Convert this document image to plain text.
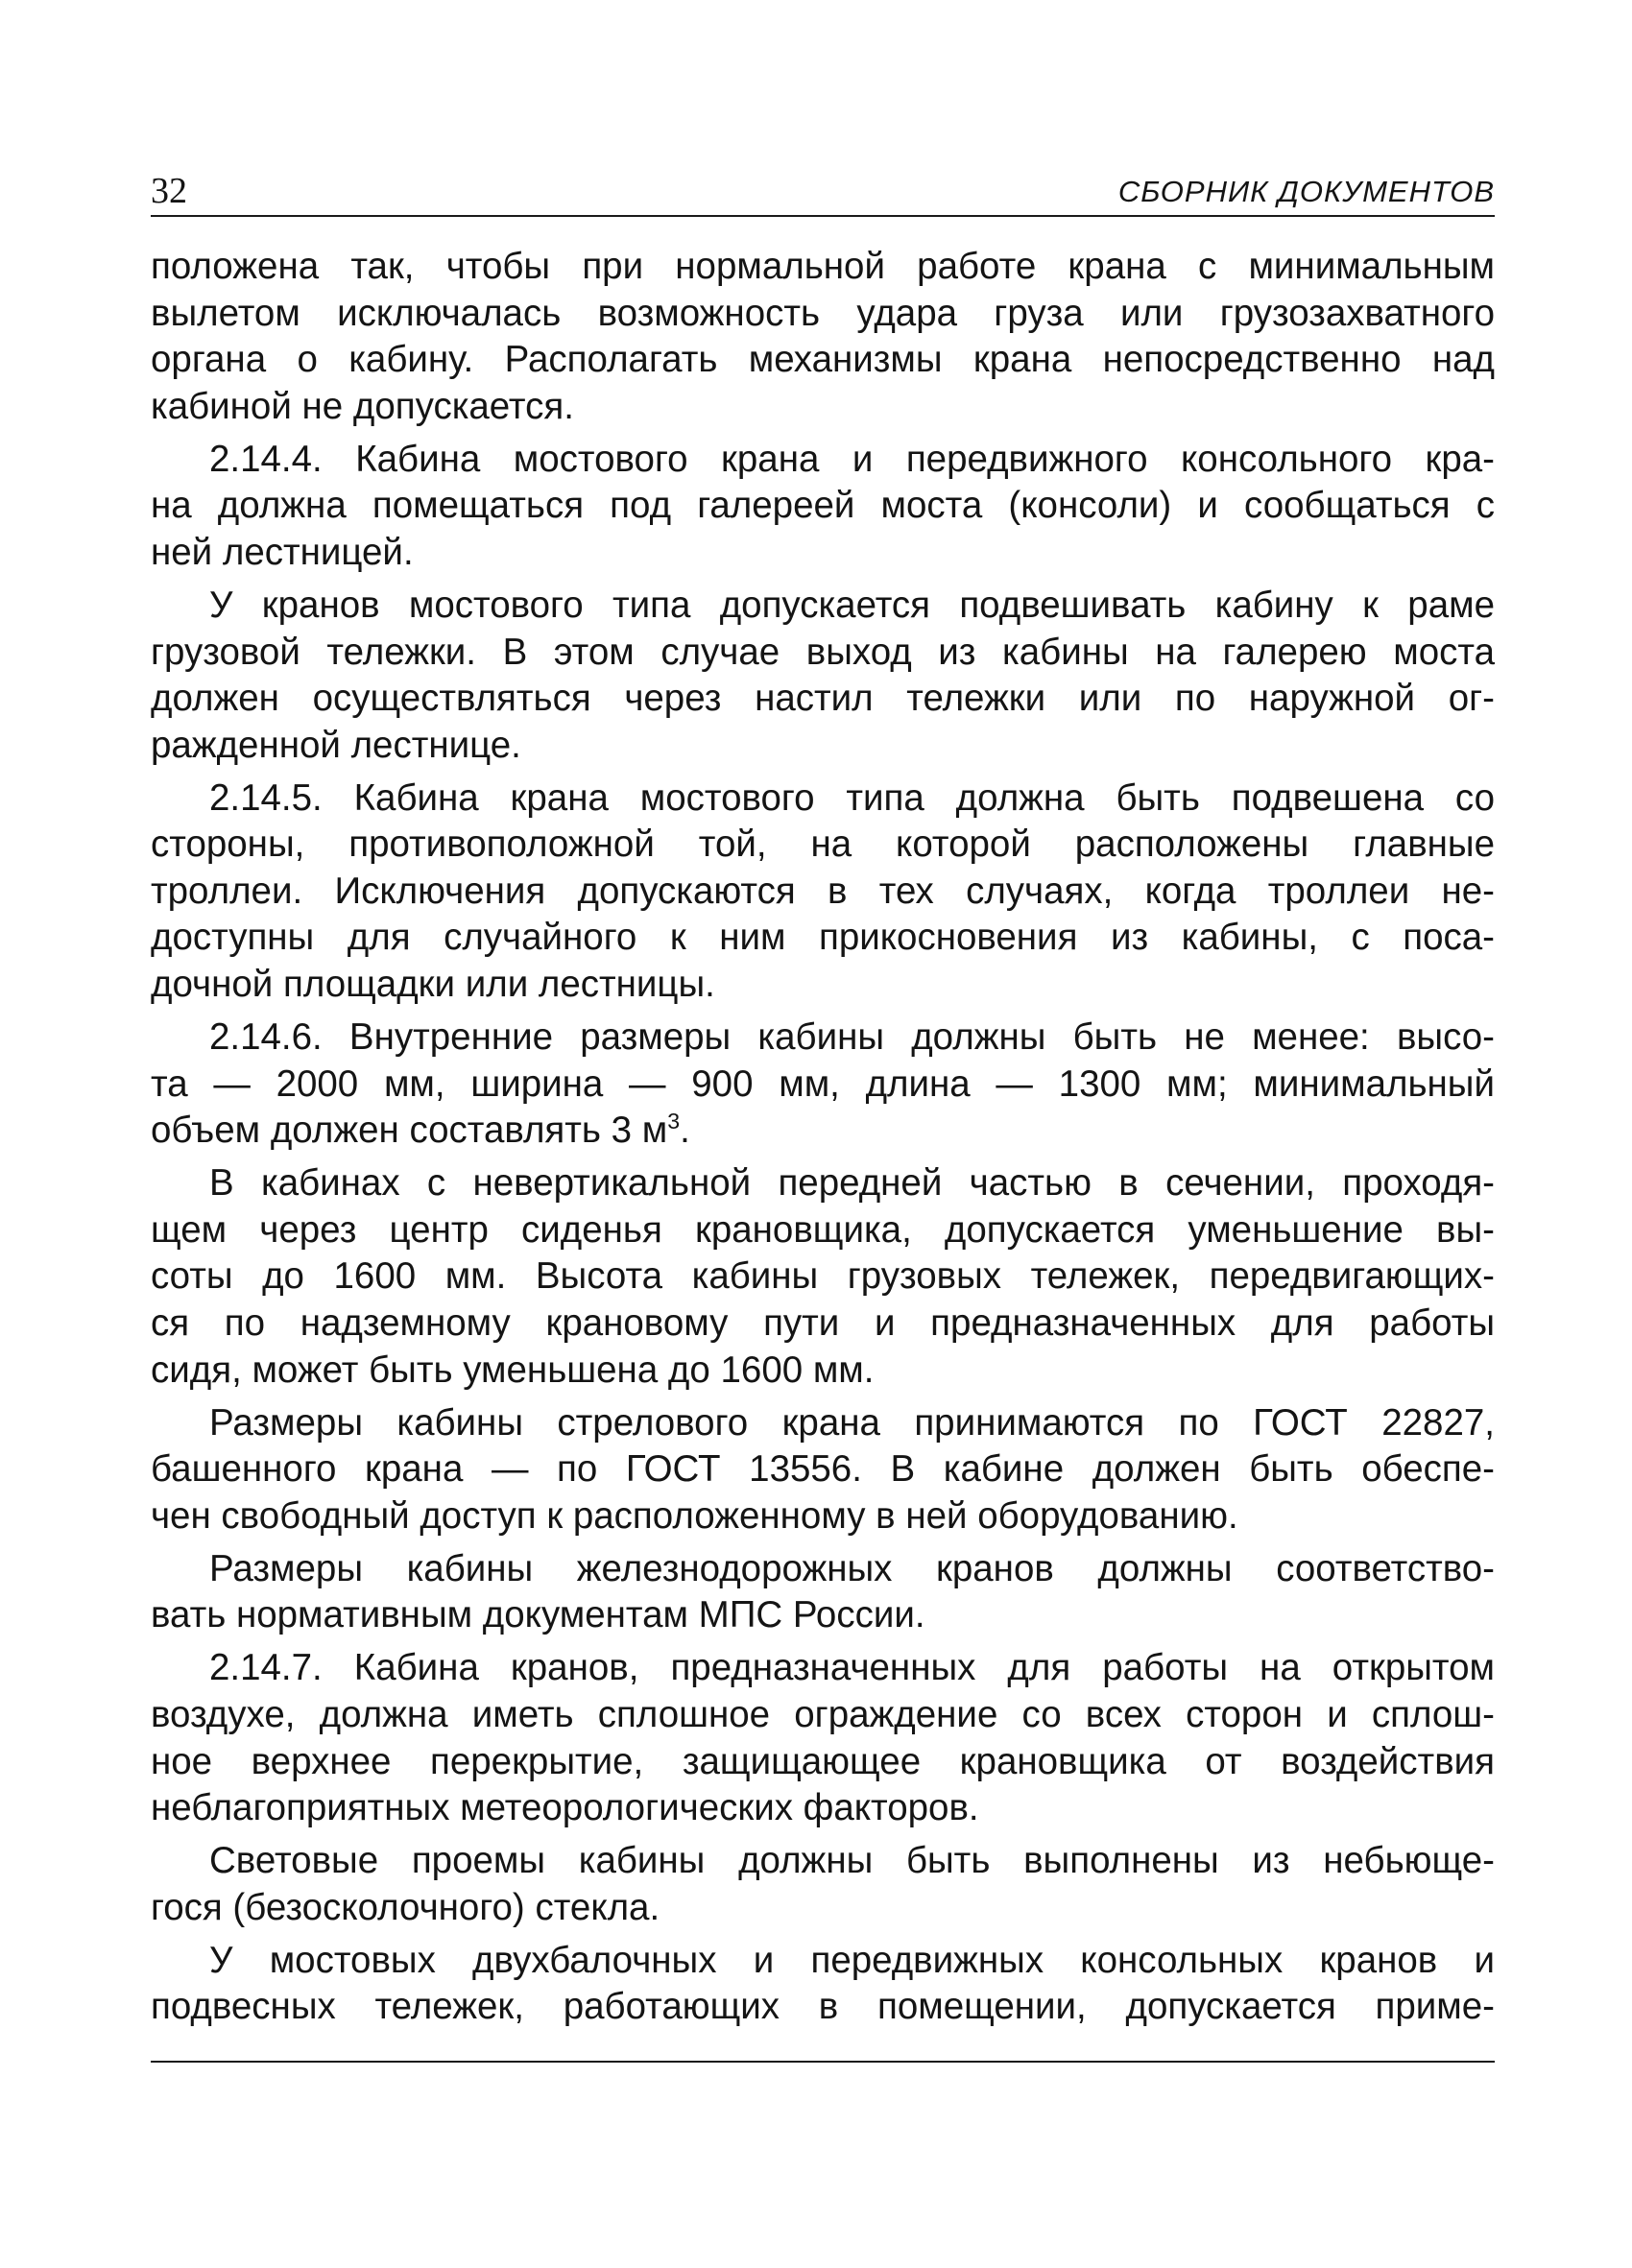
32	СБОРНИК ДОКУМЕНТОВ
положена так, чтобы при нормальной работе крана с минимальным
вылетом исключалась возможность удара груза или грузозахватного
органа о кабину. Располагать механизмы крана непосредственно над
кабиной не допускается.
2.14.4. Кабина мостового крана и передвижного консольного кра-
на должна помещаться под галереей моста (консоли) и сообщаться с
ней лестницей.
У кранов мостового типа допускается подвешивать кабину к раме
грузовой тележки. В этом случае выход из кабины на галерею моста
должен осуществляться через настил тележки или по наружной ог-
ражденной лестнице.
2.14.5. Кабина крана мостового типа должна быть подвешена со
стороны, противоположной той, на которой расположены главные
троллеи. Исключения допускаются в тех случаях, когда троллеи не-
доступны для случайного к ним прикосновения из кабины, с поса-
дочной площадки или лестницы.
2.14.6. Внутренние размеры кабины должны быть не менее: высо-
та — 2000 мм, ширина — 900 мм, длина — 1300 мм; минимальный
объем должен составлять 3 $м^3$.
В кабинах с невертикальной передней частью в сечении, проходя-
щем через центр сиденья крановщика, допускается уменьшение вы-
соты до 1600 мм. Высота кабины грузовых тележек, передвигающих-
ся по надземному крановому пути и предназначенных для работы
сидя, может быть уменьшена до 1600 мм.
Размеры кабины стрелового крана принимаются по ГОСТ 22827,
башенного крана — по ГОСТ 13556. В кабине должен быть обеспе-
чен свободный доступ к расположенному в ней оборудованию.
Размеры кабины железнодорожных кранов должны соответство-
вать нормативным документам МПС России.
2.14.7. Кабина кранов, предназначенных для работы на открытом
воздухе, должна иметь сплошное ограждение со всех сторон и сплош-
ное верхнее перекрытие, защищающее крановщика от воздействия
неблагоприятных метеорологических факторов.
Световые проемы кабины должны быть выполнены из небьюще-
гося (безосколочного) стекла.
У мостовых двухбалочных и передвижных консольных кранов и
подвесных тележек, работающих в помещении, допускается приме-
